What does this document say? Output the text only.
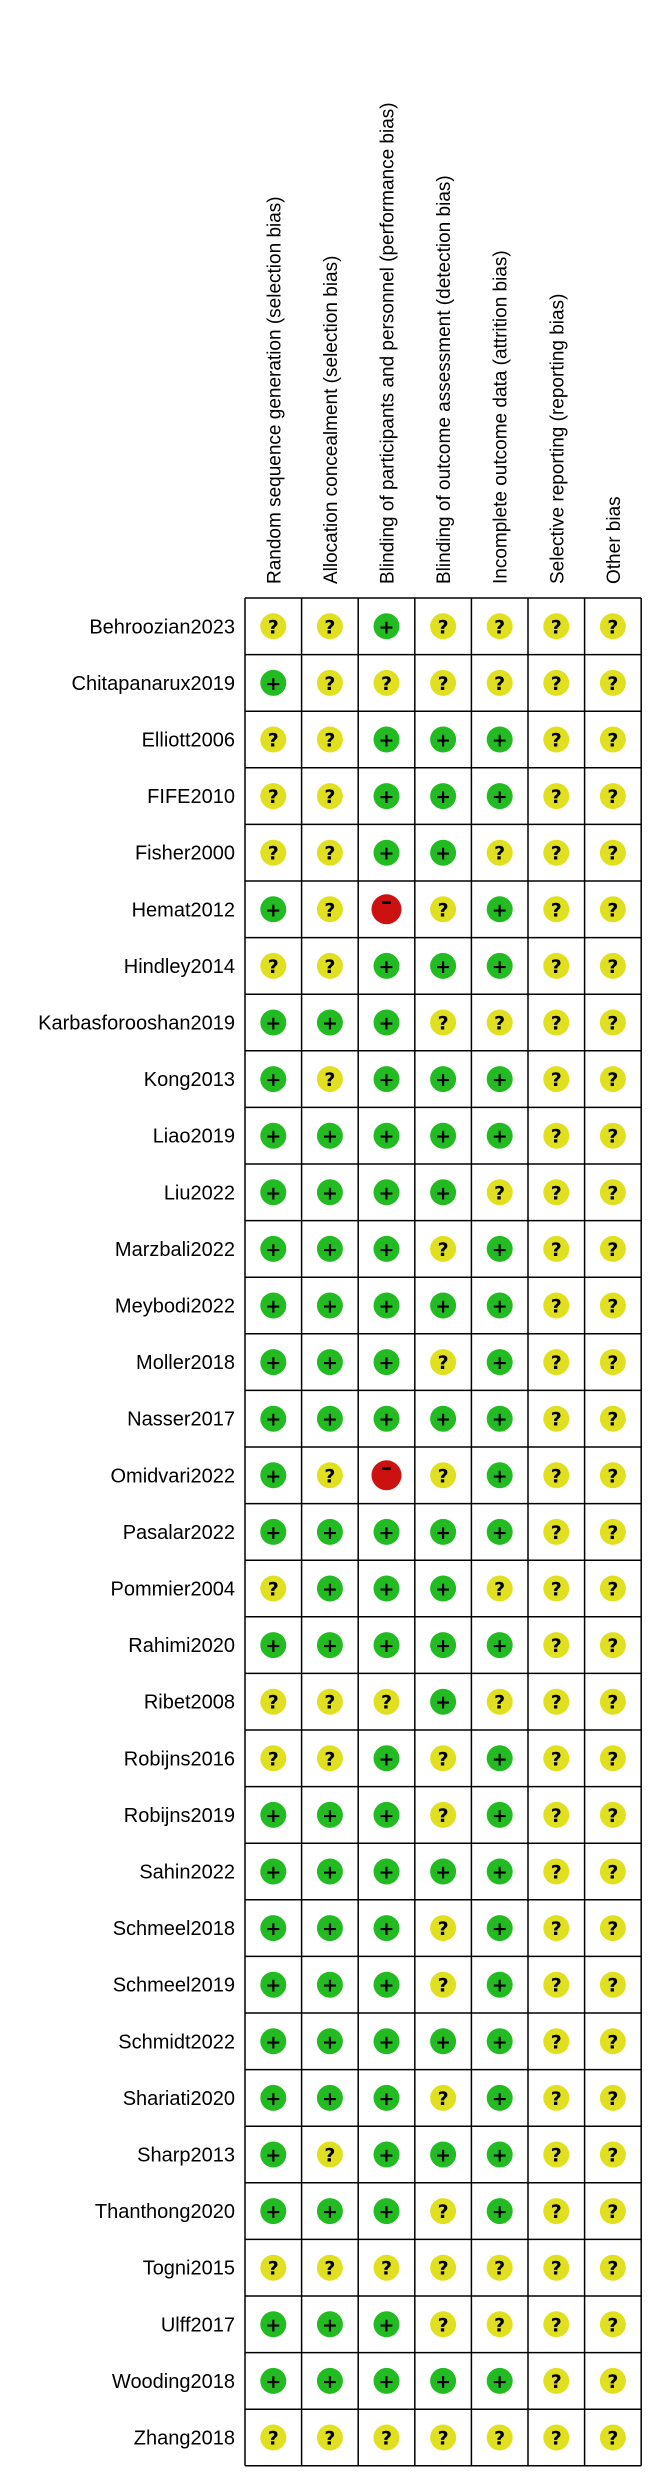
Random sequence generation (selection bias) Allocation concealment (selection bias) Blinding of participants and personnel (performance bias) Blinding of outcome assessment (detection bias) Incomplete outcome data (attrition bias) Selective reporting (reporting bias) Other bias
Behroozian2023
Chitapanarux2019
Elliott2006
FIFE2010
Fisher2000
Hemat2012
Hindley2014
Karbasforooshan2019
Kong2013
Liao2019
Liu2022
Marzbali2022
Meybodi2022
Moller2018
Nasser2017
Omidvari2022
Pasalar2022
Pommier2004
Rahimi2020
Ribet2008
Robijns2016
Robijns2019
Sahin2022
Schmeel2018
Schmeel2019
Schmidt2022
Shariati2020
Sharp2013
Thanthong2020
Togni2015
Ulff2017
Wooding2018
Zhang2018
? ? + ? ? ? ?
+ ? ? ? ? ? ?
? ? + + + ? ?
? ? + + + ? ?
? ? + + ? ? ?
+ ? – ? + ? ?
? ? + + + ? ?
+ + + ? ? ? ?
+ ? + + + ? ?
+ + + + + ? ?
+ + + + ? ? ?
+ + + ? + ? ?
+ + + + + ? ?
+ + + ? + ? ?
+ + + + + ? ?
+ ? – ? + ? ?
+ + + + + ? ?
? + + + ? ? ?
+ + + + + ? ?
? ? ? + ? ? ?
? ? + ? + ? ?
+ + + ? + ? ?
+ + + + + ? ?
+ + + ? + ? ?
+ + + ? + ? ?
+ + + + + ? ?
+ + + ? + ? ?
+ ? + + + ? ?
+ + + ? + ? ?
? ? ? ? ? ? ?
+ + + ? ? ? ?
+ + + + + ? ?
? ? ? ? ? ? ?
